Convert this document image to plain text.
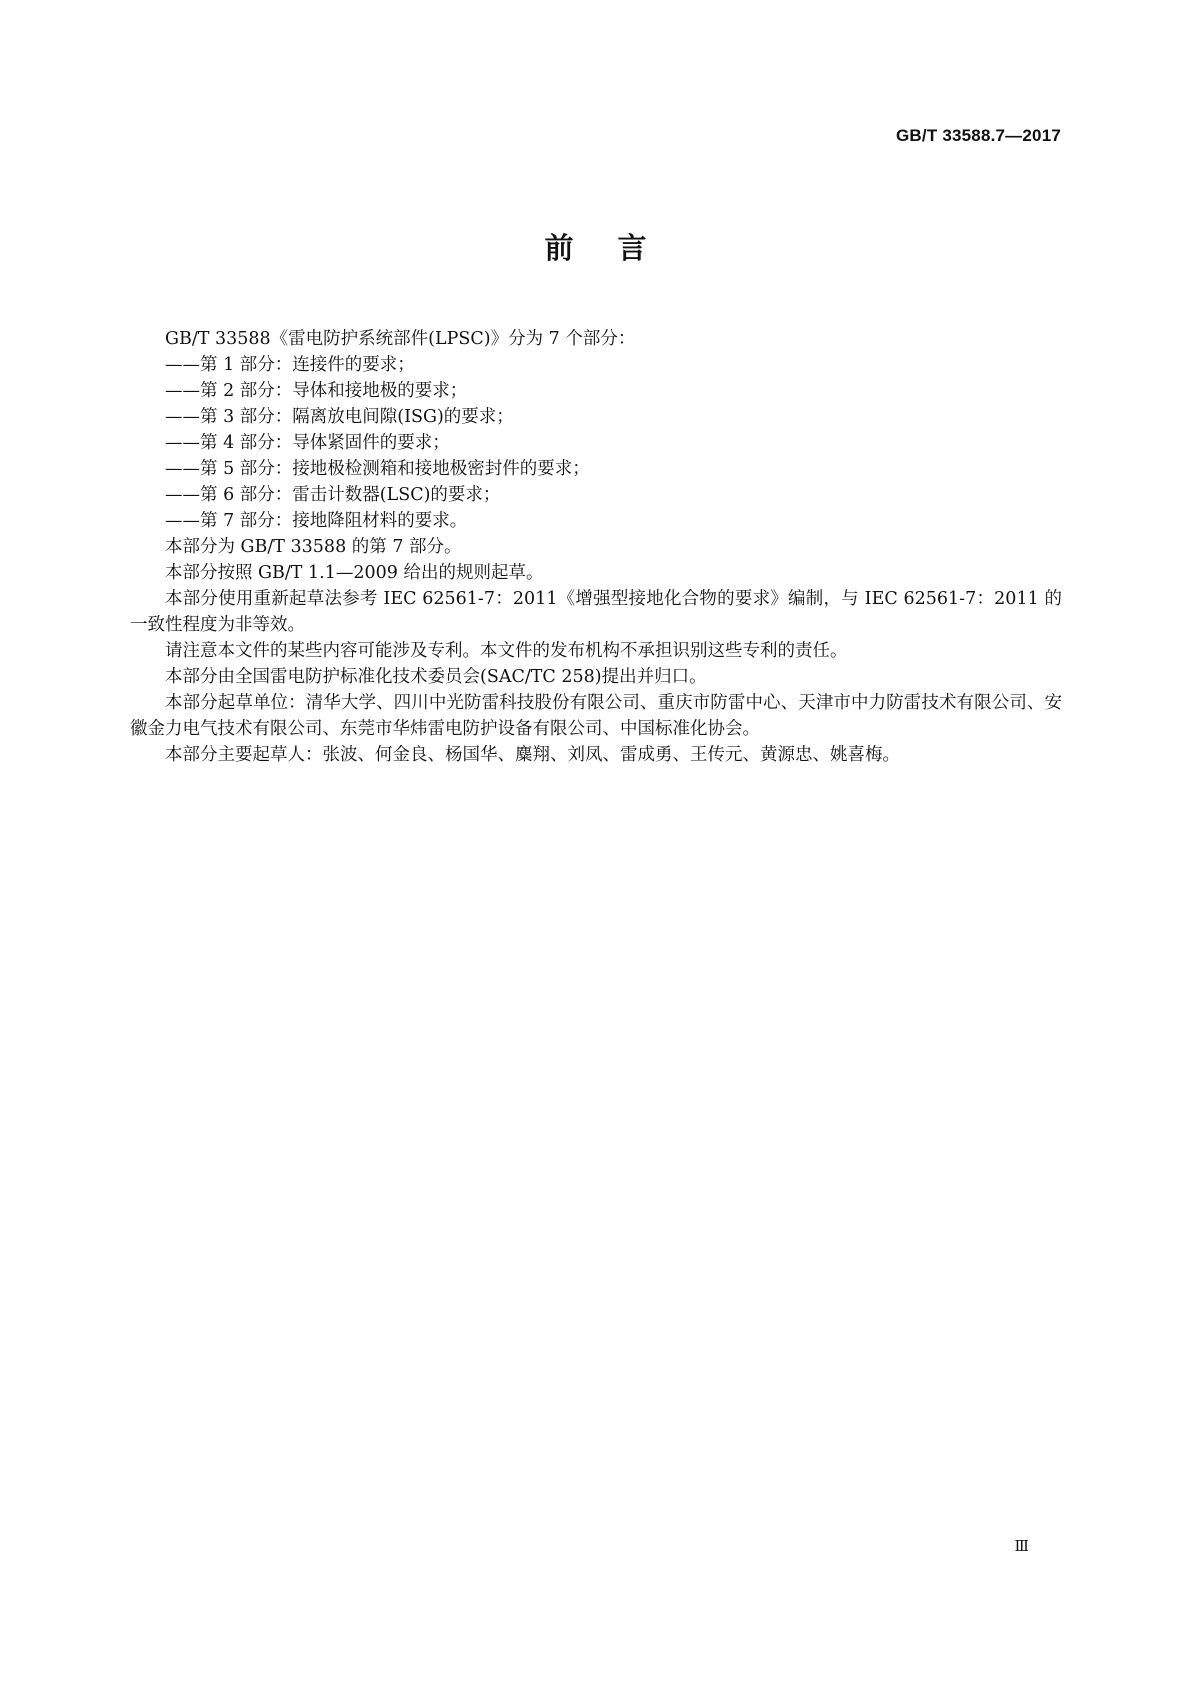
GB/T 33588.7—2017
前言

GB/T 33588《雷电防护系统部件(LPSC)》分为 7 个部分：

——第 1 部分：连接件的要求；

——第 2 部分：导体和接地极的要求；

——第 3 部分：隔离放电间隙(ISG)的要求；

——第 4 部分：导体紧固件的要求；

——第 5 部分：接地极检测箱和接地极密封件的要求；

——第 6 部分：雷击计数器(LSC)的要求；

——第 7 部分：接地降阻材料的要求。

本部分为 GB/T 33588 的第 7 部分。

本部分按照 GB/T 1.1—2009 给出的规则起草。

本部分使用重新起草法参考 IEC 62561-7：2011《增强型接地化合物的要求》编制，与 IEC 62561-7：2011 的一致性程度为非等效。

请注意本文件的某些内容可能涉及专利。本文件的发布机构不承担识别这些专利的责任。

本部分由全国雷电防护标准化技术委员会(SAC/TC 258)提出并归口。

本部分起草单位：清华大学、四川中光防雷科技股份有限公司、重庆市防雷中心、天津市中力防雷技术有限公司、安徽金力电气技术有限公司、东莞市华炜雷电防护设备有限公司、中国标准化协会。

本部分主要起草人：张波、何金良、杨国华、麋翔、刘凤、雷成勇、王传元、黄源忠、姚喜梅。

Ⅲ
